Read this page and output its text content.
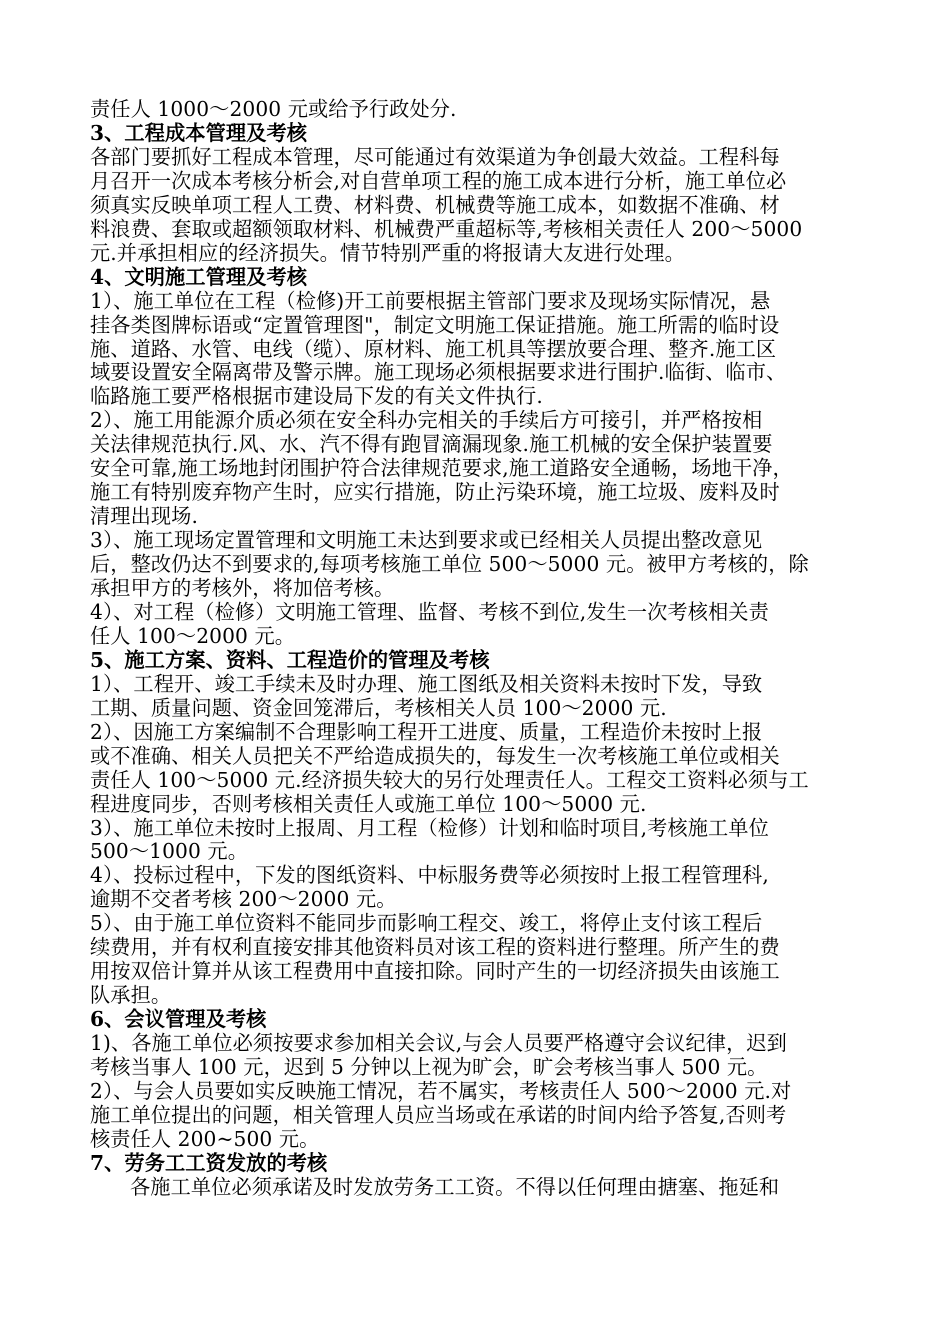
责任人 1000～2000 元或给予行政处分.
3、工程成本管理及考核
各部门要抓好工程成本管理，尽可能通过有效渠道为争创最大效益。工程科每
月召开一次成本考核分析会,对自营单项工程的施工成本进行分析，施工单位必
须真实反映单项工程人工费、材料费、机械费等施工成本，如数据不准确、材
料浪费、套取或超额领取材料、机械费严重超标等,考核相关责任人 200～5000
元.并承担相应的经济损失。情节特别严重的将报请大友进行处理。
4、文明施工管理及考核
1）、施工单位在工程（检修)开工前要根据主管部门要求及现场实际情况，悬
挂各类图牌标语或“定置管理图"，制定文明施工保证措施。施工所需的临时设
施、道路、水管、电线（缆）、原材料、施工机具等摆放要合理、整齐.施工区
域要设置安全隔离带及警示牌。施工现场必须根据要求进行围护.临街、临市、
临路施工要严格根据市建设局下发的有关文件执行.
2）、施工用能源介质必须在安全科办完相关的手续后方可接引，并严格按相
关法律规范执行.风、水、汽不得有跑冒滴漏现象.施工机械的安全保护装置要
安全可靠,施工场地封闭围护符合法律规范要求,施工道路安全通畅，场地干净，
施工有特别废弃物产生时，应实行措施，防止污染环境，施工垃圾、废料及时
清理出现场.
3）、施工现场定置管理和文明施工未达到要求或已经相关人员提出整改意见
后，整改仍达不到要求的,每项考核施工单位 500～5000 元。被甲方考核的，除
承担甲方的考核外，将加倍考核。
4）、对工程（检修）文明施工管理、监督、考核不到位,发生一次考核相关责
任人 100～2000 元。
5、施工方案、资料、工程造价的管理及考核
1）、工程开、竣工手续未及时办理、施工图纸及相关资料未按时下发，导致
工期、质量问题、资金回笼滞后，考核相关人员 100～2000 元.
2）、因施工方案编制不合理影响工程开工进度、质量，工程造价未按时上报
或不准确、相关人员把关不严给造成损失的，每发生一次考核施工单位或相关
责任人 100～5000 元.经济损失较大的另行处理责任人。工程交工资料必须与工
程进度同步，否则考核相关责任人或施工单位 100～5000 元.
3）、施工单位未按时上报周、月工程（检修）计划和临时项目,考核施工单位
500～1000 元。
4）、投标过程中，下发的图纸资料、中标服务费等必须按时上报工程管理科,
逾期不交者考核 200～2000 元。
5）、由于施工单位资料不能同步而影响工程交、竣工，将停止支付该工程后
续费用，并有权利直接安排其他资料员对该工程的资料进行整理。所产生的费
用按双倍计算并从该工程费用中直接扣除。同时产生的一切经济损失由该施工
队承担。
6、会议管理及考核
1)、各施工单位必须按要求参加相关会议,与会人员要严格遵守会议纪律，迟到
考核当事人 100 元，迟到 5 分钟以上视为旷会，旷会考核当事人 500 元。
2）、与会人员要如实反映施工情况，若不属实，考核责任人 500～2000 元.对
施工单位提出的问题，相关管理人员应当场或在承诺的时间内给予答复,否则考
核责任人 200~500 元。
7、劳务工工资发放的考核
各施工单位必须承诺及时发放劳务工工资。不得以任何理由搪塞、拖延和
